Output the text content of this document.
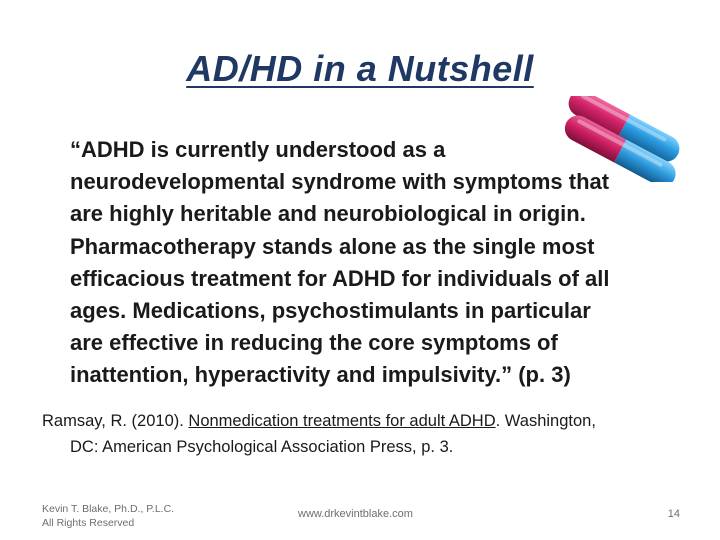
AD/HD in a Nutshell
“ADHD is currently understood as a
neurodevelopmental syndrome with symptoms that
are highly heritable and neurobiological in origin.
Pharmacotherapy stands alone as the single most
efficacious treatment for ADHD for individuals of all
ages. Medications, psychostimulants in particular
are effective in reducing the core symptoms of
inattention, hyperactivity and impulsivity.” (p. 3)
Ramsay, R. (2010). Nonmedication treatments for adult ADHD. Washington,
DC: American Psychological Association Press, p. 3.
Kevin T. Blake, Ph.D., P.L.C.
All Rights Reserved
www.drkevintblake.com	14
